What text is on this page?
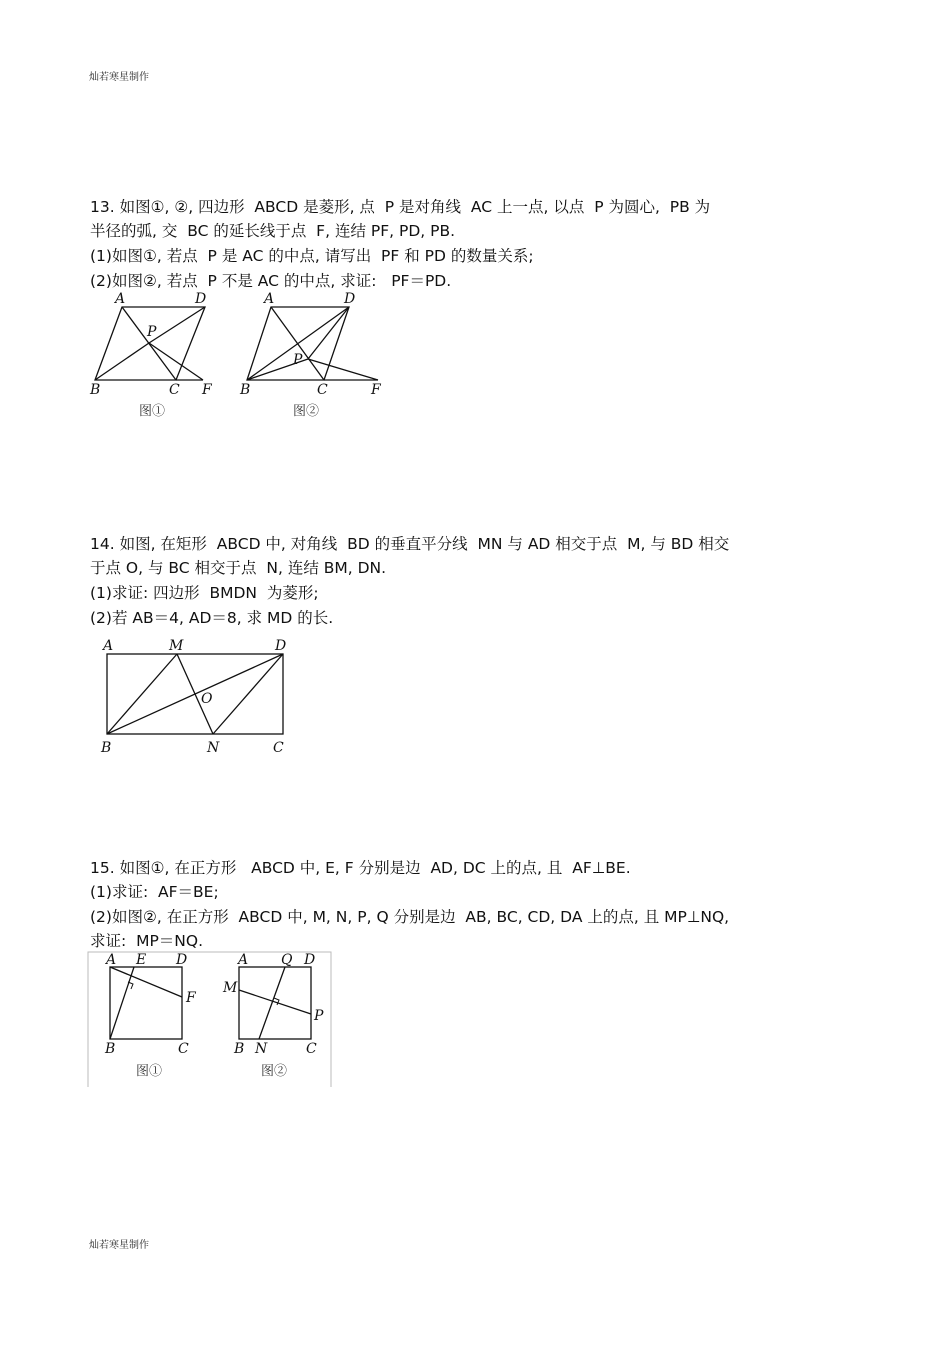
灿若寒星制作
13. 如图①, ②, 四边形  ABCD 是菱形, 点  P 是对角线  AC 上一点, 以点  P 为圆心,  PB 为
半径的弧, 交  BC 的延长线于点  F, 连结 PF, PD, PB.
(1)如图①, 若点  P 是 AC 的中点, 请写出  PF 和 PD 的数量关系;
(2)如图②, 若点  P 不是 AC 的中点, 求证:   PF＝PD.
A	D
P
B	C F
图①
A	D
P
B	C	F
图②
14. 如图, 在矩形  ABCD 中, 对角线  BD 的垂直平分线  MN 与 AD 相交于点  M, 与 BD 相交
于点 O, 与 BC 相交于点  N, 连结 BM, DN.
(1)求证: 四边形  BMDN  为菱形;
(2)若 AB＝4, AD＝8, 求 MD 的长.
A	M	D
O
B	N	C
15. 如图①, 在正方形   ABCD 中, E, F 分别是边  AD, DC 上的点, 且  AF⊥BE.
(1)求证:  AF＝BE;
(2)如图②, 在正方形  ABCD 中, M, N, P, Q 分别是边  AB, BC, CD, DA 上的点, 且 MP⊥NQ,
求证:  MP＝NQ.
A E D
F
B	C
图①
A Q D
M
P
B N	C
图②
灿若寒星制作
